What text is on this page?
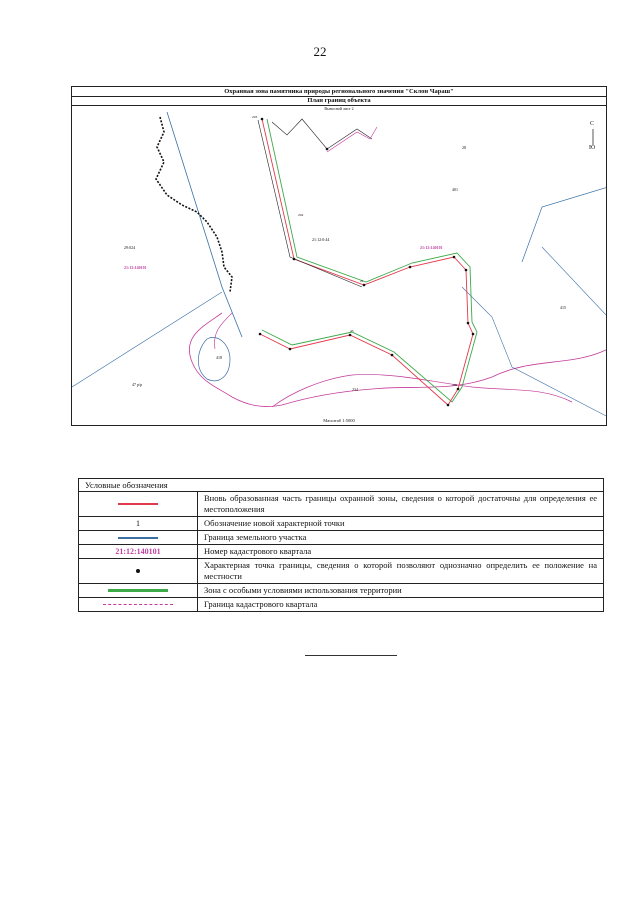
22
Охранная зона памятника природы регионального значения "Склон Чараш"
План границ объекта
Выносной лист 2
С
Ю
21:12:0:44
401
28
415
418
29:024
47 р/р
234
21:12:140101
21:12:140101
203
204
21
209
45
Масштаб 1:5000
Условные обозначения
Вновь образованная часть границы охранной зоны, сведения о которой достаточны для определения ее местоположения
1	Обозначение новой характерной точки
Граница земельного участка
21:12:140101	Номер кадастрового квартала
Характерная точка границы, сведения о которой позволяют однозначно определить ее положение на местности
Зона с особыми условиями использования территории
Граница кадастрового квартала
